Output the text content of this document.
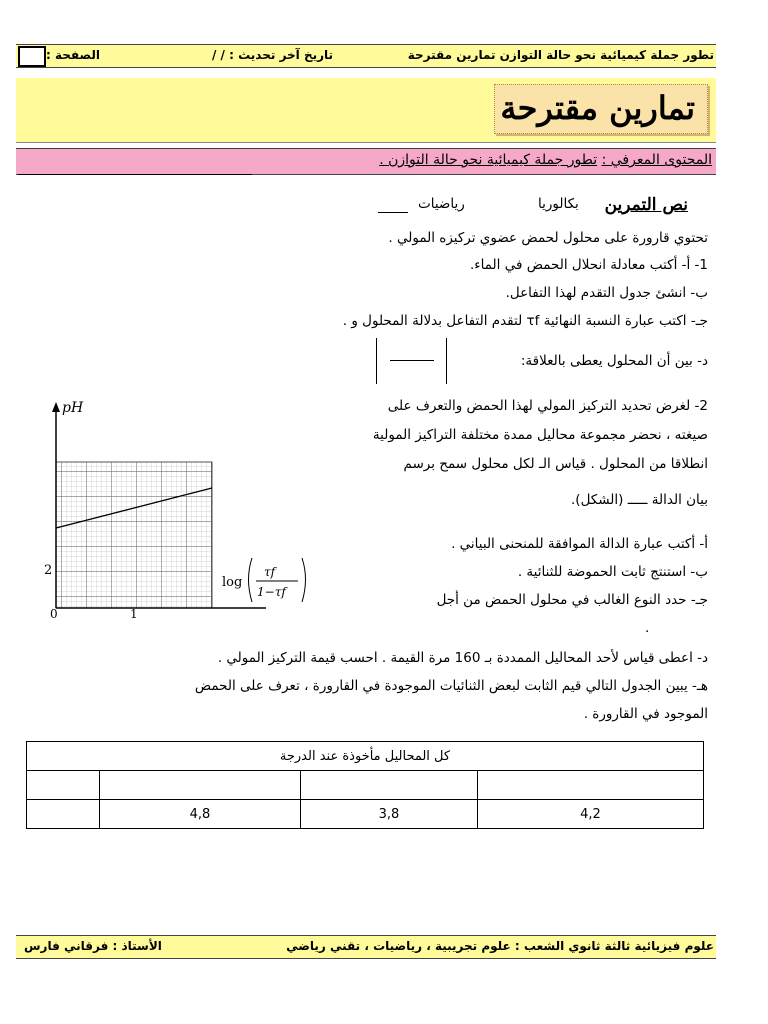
الصفحة :	تاريخ آخر تحديث : / /	تطور جملة كيميائية نحو حالة التوازن تمارين مقترحة
تمارين مقترحة
المحتوى المعرفي : تطور جملة كيميائية نحو حالة التوازن .
نص التمرين
بكالوريا
رياضيات
تحتوي قارورة على محلول لحمض عضوي تركيزه المولي .
1- أ- أكتب معادلة انحلال الحمض في الماء.
ب- انشئ جدول التقدم لهذا التفاعل.
جـ- اكتب عبارة النسبة النهائية τf لتقدم التفاعل بدلالة المحلول و .
د- بين أن المحلول يعطى بالعلاقة:
2- لغرض تحديد التركيز المولي لهذا الحمض والتعرف على
صيغته ، نحضر مجموعة محاليل ممدة مختلفة التراكيز المولية
انطلاقا من المحلول . قياس الـ لكل محلول سمح برسم
بيان الدالة ـــــ (الشكل).
أ- أكتب عبارة الدالة الموافقة للمنحنى البياني .
ب- استنتج ثابت الحموضة للثنائية .
جـ- حدد النوع الغالب في محلول الحمض من أجل
.
د- اعطى قياس لأحد المحاليل الممددة بـ 160 مرة القيمة . احسب قيمة التركيز المولي .
هـ- يبين الجدول التالي قيم الثابت لبعض الثنائيات الموجودة في القارورة ، تعرف على الحمض
الموجود في القارورة .
pH
2
0	1
log
τf
1−τf
كل المحاليل مأخوذة عند الدرجة			

	4,8	3,8	4,2
الأستاذ : فرقاني فارس	علوم فيزيائية ثالثة ثانوي الشعب : علوم تجريبية ، رياضيات ، تقني رياضي
